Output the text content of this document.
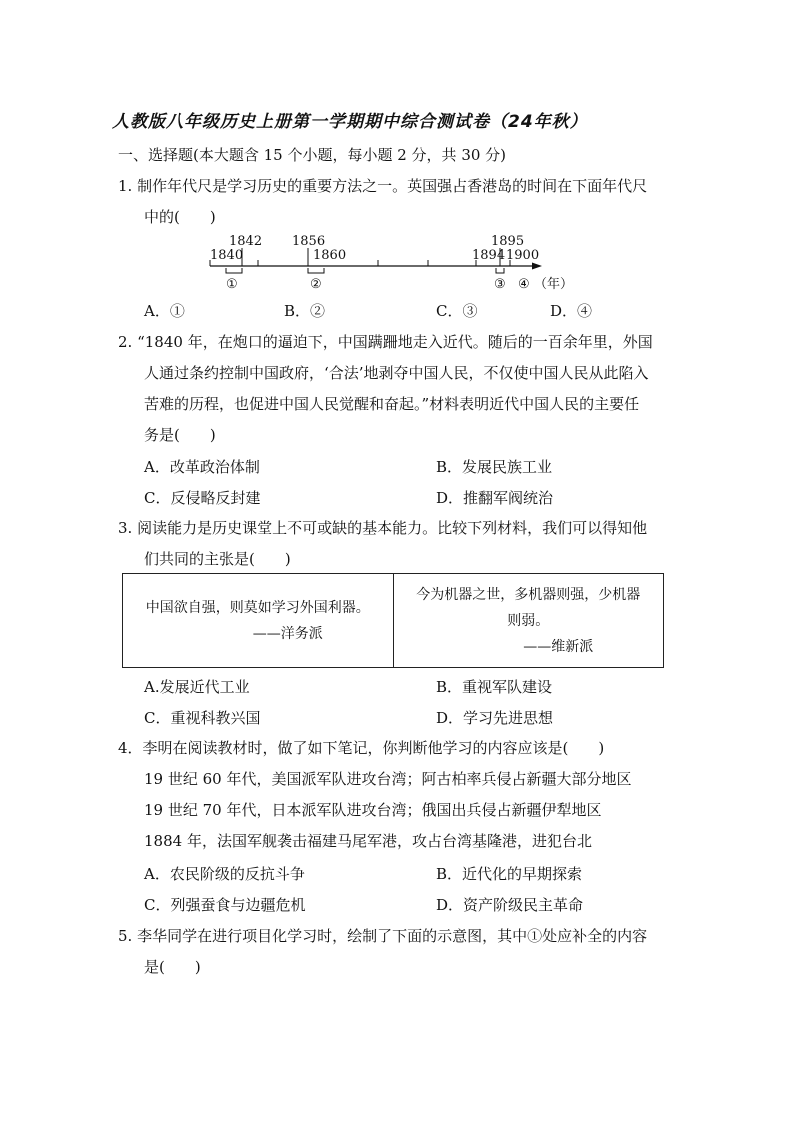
人教版八年级历史上册第一学期期中综合测试卷（24年秋）
一、选择题(本大题含 15 个小题，每小题 2 分，共 30 分)
1. 制作年代尺是学习历史的重要方法之一。英国强占香港岛的时间在下面年代尺
中的(　　)
1842 1856	1895
1840	1860	1894 1900
①	②	③ ④ （年）
A．①	B．②	C．③	D．④
2. “1840 年，在炮口的逼迫下，中国蹒跚地走入近代。随后的一百余年里，外国
人通过条约控制中国政府，‘合法’地剥夺中国人民，不仅使中国人民从此陷入
苦难的历程，也促进中国人民觉醒和奋起。”材料表明近代中国人民的主要任
务是(　　)
A．改革政治体制	B．发展民族工业
C．反侵略反封建	D．推翻军阀统治
3. 阅读能力是历史课堂上不可或缺的基本能力。比较下列材料，我们可以得知他
们共同的主张是(　　)
中国欲自强，则莫如学习外国利器。
——洋务派

今为机器之世，多机器则强，少机器
则弱。
——维新派
A.发展近代工业	B．重视军队建设
C．重视科教兴国	D．学习先进思想
4．李明在阅读教材时，做了如下笔记，你判断他学习的内容应该是(　　)
19 世纪 60 年代，美国派军队进攻台湾；阿古柏率兵侵占新疆大部分地区
19 世纪 70 年代，日本派军队进攻台湾；俄国出兵侵占新疆伊犁地区
1884 年，法国军舰袭击福建马尾军港，攻占台湾基隆港，进犯台北
A．农民阶级的反抗斗争	B．近代化的早期探索
C．列强蚕食与边疆危机	D．资产阶级民主革命
5. 李华同学在进行项目化学习时，绘制了下面的示意图，其中①处应补全的内容
是(　　)
